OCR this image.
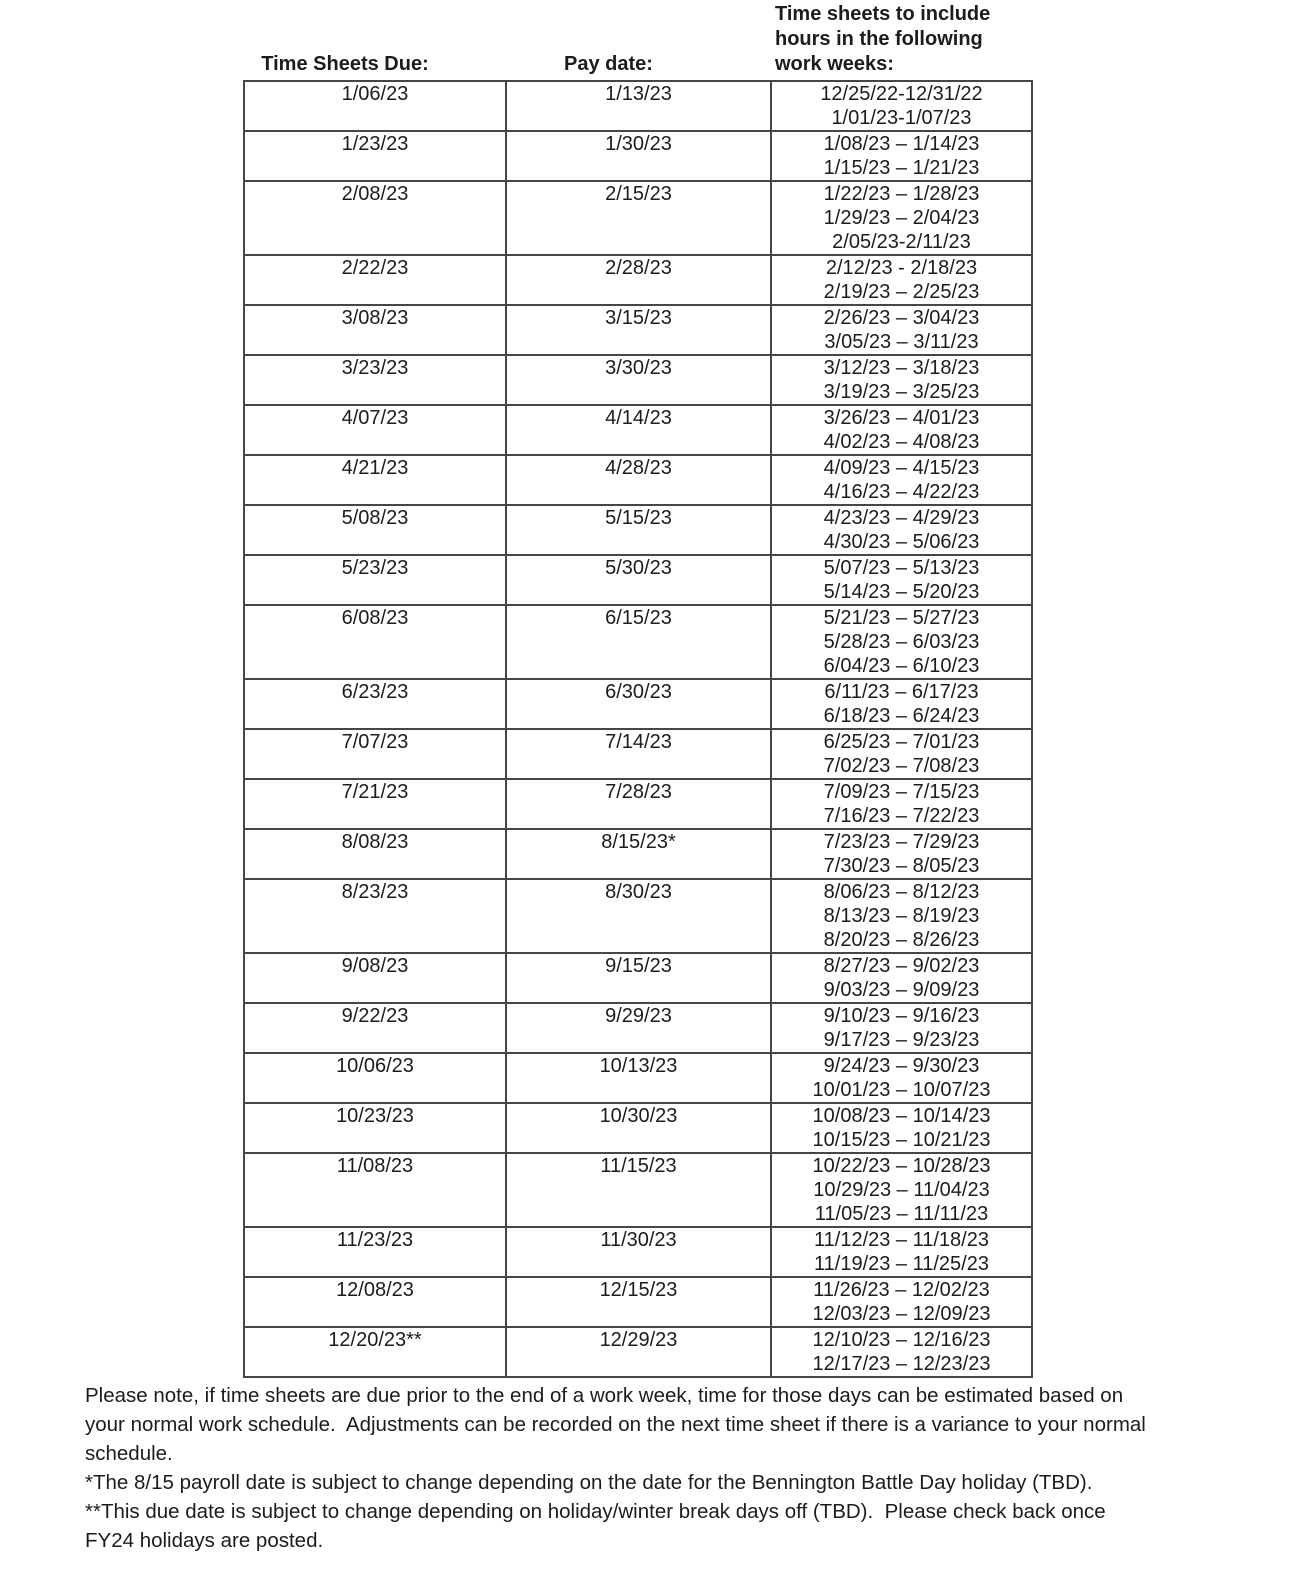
Time Sheets Due:	Pay date:	Time sheets to include hours in the following work weeks:

1/06/23	1/13/23	12/25/22-12/31/22
1/01/23-1/07/23

1/23/23	1/30/23	1/08/23 – 1/14/23
1/15/23 – 1/21/23

2/08/23	2/15/23	1/22/23 – 1/28/23
1/29/23 – 2/04/23
2/05/23-2/11/23

2/22/23	2/28/23	2/12/23 - 2/18/23
2/19/23 – 2/25/23

3/08/23	3/15/23	2/26/23 – 3/04/23
3/05/23 – 3/11/23

3/23/23	3/30/23	3/12/23 – 3/18/23
3/19/23 – 3/25/23

4/07/23	4/14/23	3/26/23 – 4/01/23
4/02/23 – 4/08/23

4/21/23	4/28/23	4/09/23 – 4/15/23
4/16/23 – 4/22/23

5/08/23	5/15/23	4/23/23 – 4/29/23
4/30/23 – 5/06/23

5/23/23	5/30/23	5/07/23 – 5/13/23
5/14/23 – 5/20/23

6/08/23	6/15/23	5/21/23 – 5/27/23
5/28/23 – 6/03/23
6/04/23 – 6/10/23

6/23/23	6/30/23	6/11/23 – 6/17/23
6/18/23 – 6/24/23

7/07/23	7/14/23	6/25/23 – 7/01/23
7/02/23 – 7/08/23

7/21/23	7/28/23	7/09/23 – 7/15/23
7/16/23 – 7/22/23

8/08/23	8/15/23*	7/23/23 – 7/29/23
7/30/23 – 8/05/23

8/23/23	8/30/23	8/06/23 – 8/12/23
8/13/23 – 8/19/23
8/20/23 – 8/26/23

9/08/23	9/15/23	8/27/23 – 9/02/23
9/03/23 – 9/09/23

9/22/23	9/29/23	9/10/23 – 9/16/23
9/17/23 – 9/23/23

10/06/23	10/13/23	9/24/23 – 9/30/23
10/01/23 – 10/07/23

10/23/23	10/30/23	10/08/23 – 10/14/23
10/15/23 – 10/21/23

11/08/23	11/15/23	10/22/23 – 10/28/23
10/29/23 – 11/04/23
11/05/23 – 11/11/23

11/23/23	11/30/23	11/12/23 – 11/18/23
11/19/23 – 11/25/23

12/08/23	12/15/23	11/26/23 – 12/02/23
12/03/23 – 12/09/23

12/20/23**	12/29/23	12/10/23 – 12/16/23
12/17/23 – 12/23/23

Please note, if time sheets are due prior to the end of a work week, time for those days can be estimated based on
your normal work schedule.  Adjustments can be recorded on the next time sheet if there is a variance to your normal
schedule.

*The 8/15 payroll date is subject to change depending on the date for the Bennington Battle Day holiday (TBD).

**This due date is subject to change depending on holiday/winter break days off (TBD).  Please check back once
FY24 holidays are posted.
